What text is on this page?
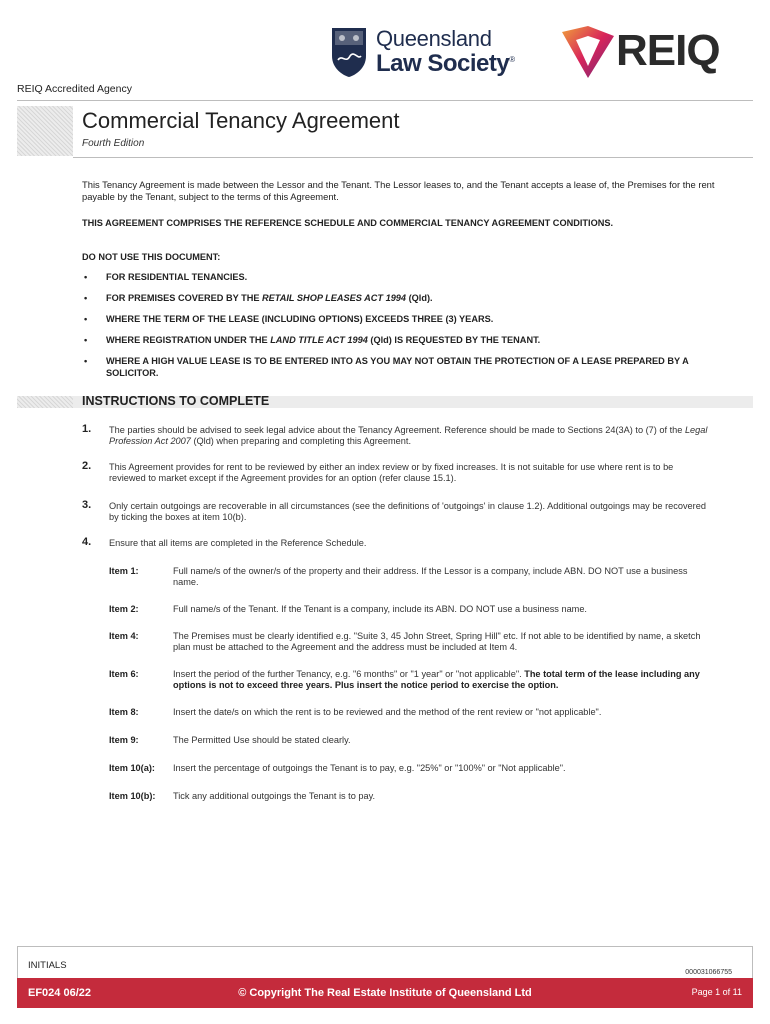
Queensland
Law Society® REIQ
REIQ Accredited Agency
Commercial Tenancy Agreement
Fourth Edition
This Tenancy Agreement is made between the Lessor and the Tenant. The Lessor leases to, and the Tenant accepts a lease of, the Premises for the rent payable by the Tenant, subject to the terms of this Agreement.
THIS AGREEMENT COMPRISES THE REFERENCE SCHEDULE AND COMMERCIAL TENANCY AGREEMENT CONDITIONS.
DO NOT USE THIS DOCUMENT:
• FOR RESIDENTIAL TENANCIES.
• FOR PREMISES COVERED BY THE RETAIL SHOP LEASES ACT 1994 (Qld).
• WHERE THE TERM OF THE LEASE (INCLUDING OPTIONS) EXCEEDS THREE (3) YEARS.
• WHERE REGISTRATION UNDER THE LAND TITLE ACT 1994 (Qld) IS REQUESTED BY THE TENANT.
• WHERE A HIGH VALUE LEASE IS TO BE ENTERED INTO AS YOU MAY NOT OBTAIN THE PROTECTION OF A LEASE PREPARED BY A SOLICITOR.
INSTRUCTIONS TO COMPLETE
1. The parties should be advised to seek legal advice about the Tenancy Agreement. Reference should be made to Sections 24(3A) to (7) of the Legal Profession Act 2007 (Qld) when preparing and completing this Agreement.
2. This Agreement provides for rent to be reviewed by either an index review or by fixed increases. It is not suitable for use where rent is to be reviewed to market except if the Agreement provides for an option (refer clause 15.1).
3. Only certain outgoings are recoverable in all circumstances (see the definitions of 'outgoings' in clause 1.2). Additional outgoings may be recovered by ticking the boxes at item 10(b).
4. Ensure that all items are completed in the Reference Schedule.
Item 1:	Full name/s of the owner/s of the property and their address. If the Lessor is a company, include ABN. DO NOT use a business name.
Item 2:	Full name/s of the Tenant. If the Tenant is a company, include its ABN. DO NOT use a business name.
Item 4:	The Premises must be clearly identified e.g. "Suite 3, 45 John Street, Spring Hill" etc. If not able to be identified by name, a sketch plan must be attached to the Agreement and the address must be included at Item 4.
Item 6:	Insert the period of the further Tenancy, e.g. "6 months" or "1 year" or "not applicable". The total term of the lease including any options is not to exceed three years. Plus insert the notice period to exercise the option.
Item 8:	Insert the date/s on which the rent is to be reviewed and the method of the rent review or "not applicable".
Item 9:	The Permitted Use should be stated clearly.
Item 10(a): Insert the percentage of outgoings the Tenant is to pay, e.g. "25%" or "100%" or "Not applicable".
Item 10(b): Tick any additional outgoings the Tenant is to pay.
INITIALS
000031066755
EF024 06/22	© Copyright The Real Estate Institute of Queensland Ltd	Page 1 of 11
